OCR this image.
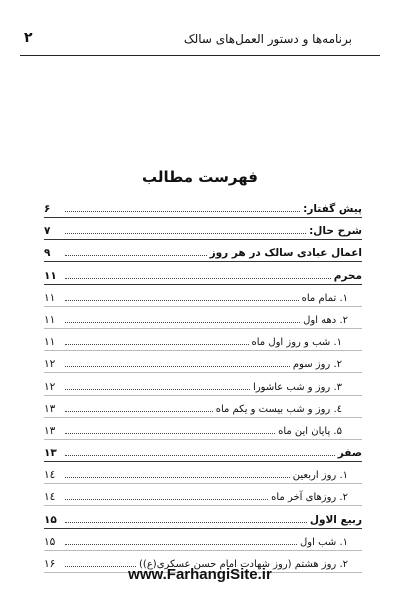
برنامه‌ها و دستور العمل‌های سالک
۲
فهرست مطالب
پیش گفتار:
۶
شرح حال:
۷
اعمال عبادی سالک در هر روز
۹
محرم
۱۱
۱. تمام ماه
۱۱
۲. دهه اول
۱۱
۱. شب و روز اول ماه
۱۱
۲. روز سوم
۱۲
۳. روز و شب عاشورا
۱۲
٤. روز و شب بیست و یکم ماه
۱۳
۵. پایان این ماه
۱۳
صفر
۱۳
۱. روز اربعین
۱٤
۲. روزهای آخر ماه
۱٤
ربیع الاول
۱۵
۱. شب اول
۱۵
۲. روز هشتم (روز شهادت امام حسن عسکری(ع))
۱۶
www.FarhangiSite.ir
